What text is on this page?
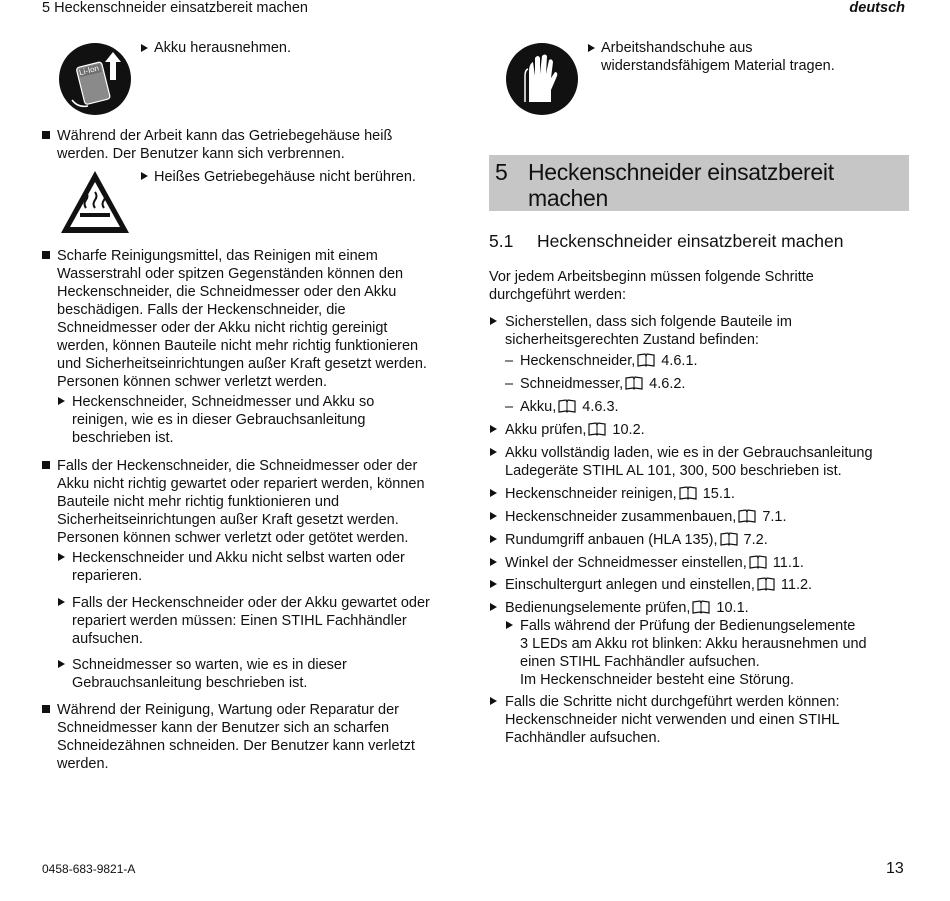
5 Heckenschneider einsatzbereit machen	deutsch
Li-Ion

Akku herausnehmen.

Während der Arbeit kann das Getriebegehäuse heiß

werden. Der Benutzer kann sich verbrennen.

Heißes Getriebegehäuse nicht berühren.

Scharfe Reinigungsmittel, das Reinigen mit einem

Wasserstrahl oder spitzen Gegenständen können den

Heckenschneider, die Schneidmesser oder den Akku

beschädigen. Falls der Heckenschneider, die

Schneidmesser oder der Akku nicht richtig gereinigt

werden, können Bauteile nicht mehr richtig funktionieren

und Sicherheitseinrichtungen außer Kraft gesetzt werden.

Personen können schwer verletzt werden.

Heckenschneider, Schneidmesser und Akku so

reinigen, wie es in dieser Gebrauchsanleitung

beschrieben ist.

Falls der Heckenschneider, die Schneidmesser oder der

Akku nicht richtig gewartet oder repariert werden, können

Bauteile nicht mehr richtig funktionieren und

Sicherheitseinrichtungen außer Kraft gesetzt werden.

Personen können schwer verletzt oder getötet werden.

Heckenschneider und Akku nicht selbst warten oder

reparieren.

Falls der Heckenschneider oder der Akku gewartet oder

repariert werden müssen: Einen STIHL Fachhändler

aufsuchen.

Schneidmesser so warten, wie es in dieser

Gebrauchsanleitung beschrieben ist.

Während der Reinigung, Wartung oder Reparatur der

Schneidmesser kann der Benutzer sich an scharfen

Schneidezähnen schneiden. Der Benutzer kann verletzt

werden.

Arbeitshandschuhe aus

widerstandsfähigem Material tragen.

5 Heckenschneider einsatzbereit
machen
5.1 Heckenschneider einsatzbereit machen

Vor jedem Arbeitsbeginn müssen folgende Schritte

durchgeführt werden:

Sicherstellen, dass sich folgende Bauteile im

sicherheitsgerechten Zustand befinden:

– Heckenschneider, 4.6.1.

– Schneidmesser, 4.6.2.

– Akku, 4.6.3.

Akku prüfen, 10.2.

Akku vollständig laden, wie es in der Gebrauchsanleitung

Ladegeräte STIHL AL 101, 300, 500 beschrieben ist.

Heckenschneider reinigen, 15.1.

Heckenschneider zusammenbauen, 7.1.

Rundumgriff anbauen (HLA 135), 7.2.

Winkel der Schneidmesser einstellen, 11.1.

Einschultergurt anlegen und einstellen, 11.2.

Bedienungselemente prüfen, 10.1.

Falls während der Prüfung der Bedienungselemente

3 LEDs am Akku rot blinken: Akku herausnehmen und

einen STIHL Fachhändler aufsuchen.

Im Heckenschneider besteht eine Störung.

Falls die Schritte nicht durchgeführt werden können:

Heckenschneider nicht verwenden und einen STIHL

Fachhändler aufsuchen.

0458-683-9821-A	13
